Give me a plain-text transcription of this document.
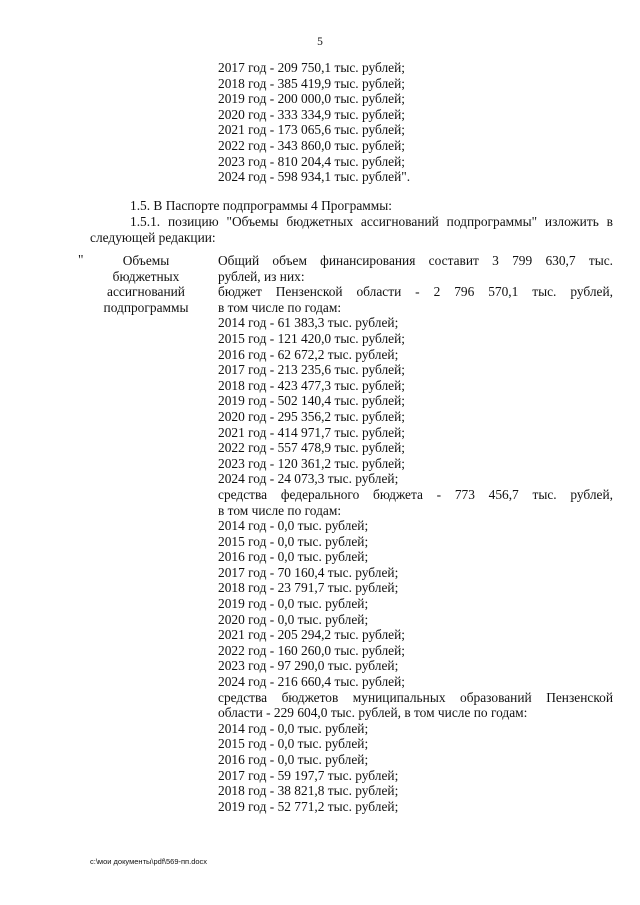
5
2017 год - 209 750,1 тыс. рублей;
2018 год - 385 419,9 тыс. рублей;
2019 год - 200 000,0 тыс. рублей;
2020 год - 333 334,9 тыс. рублей;
2021 год - 173 065,6 тыс. рублей;
2022 год - 343 860,0 тыс. рублей;
2023 год - 810 204,4 тыс. рублей;
2024 год - 598 934,1 тыс. рублей".
1.5. В Паспорте подпрограммы 4 Программы:
1.5.1. позицию "Объемы бюджетных ассигнований подпрограммы" изложить в следующей редакции:
"	Объемы бюджетных ассигнований подпрограммы
Общий объем финансирования составит 3 799 630,7 тыс.
рублей, из них:
бюджет Пензенской области - 2 796 570,1 тыс. рублей,
в том числе по годам:
2014 год - 61 383,3 тыс. рублей;
2015 год - 121 420,0 тыс. рублей;
2016 год - 62 672,2 тыс. рублей;
2017 год - 213 235,6 тыс. рублей;
2018 год - 423 477,3 тыс. рублей;
2019 год - 502 140,4 тыс. рублей;
2020 год - 295 356,2 тыс. рублей;
2021 год - 414 971,7 тыс. рублей;
2022 год - 557 478,9 тыс. рублей;
2023 год - 120 361,2 тыс. рублей;
2024 год - 24 073,3 тыс. рублей;
средства федерального бюджета - 773 456,7 тыс. рублей,
в том числе по годам:
2014 год - 0,0 тыс. рублей;
2015 год - 0,0 тыс. рублей;
2016 год - 0,0 тыс. рублей;
2017 год - 70 160,4 тыс. рублей;
2018 год - 23 791,7 тыс. рублей;
2019 год - 0,0 тыс. рублей;
2020 год - 0,0 тыс. рублей;
2021 год - 205 294,2 тыс. рублей;
2022 год - 160 260,0 тыс. рублей;
2023 год - 97 290,0 тыс. рублей;
2024 год - 216 660,4 тыс. рублей;
средства бюджетов муниципальных образований Пензенской
области - 229 604,0 тыс. рублей, в том числе по годам:
2014 год - 0,0 тыс. рублей;
2015 год - 0,0 тыс. рублей;
2016 год - 0,0 тыс. рублей;
2017 год - 59 197,7 тыс. рублей;
2018 год - 38 821,8 тыс. рублей;
2019 год - 52 771,2 тыс. рублей;
c:\мои документы\pdf\569-пп.docx
